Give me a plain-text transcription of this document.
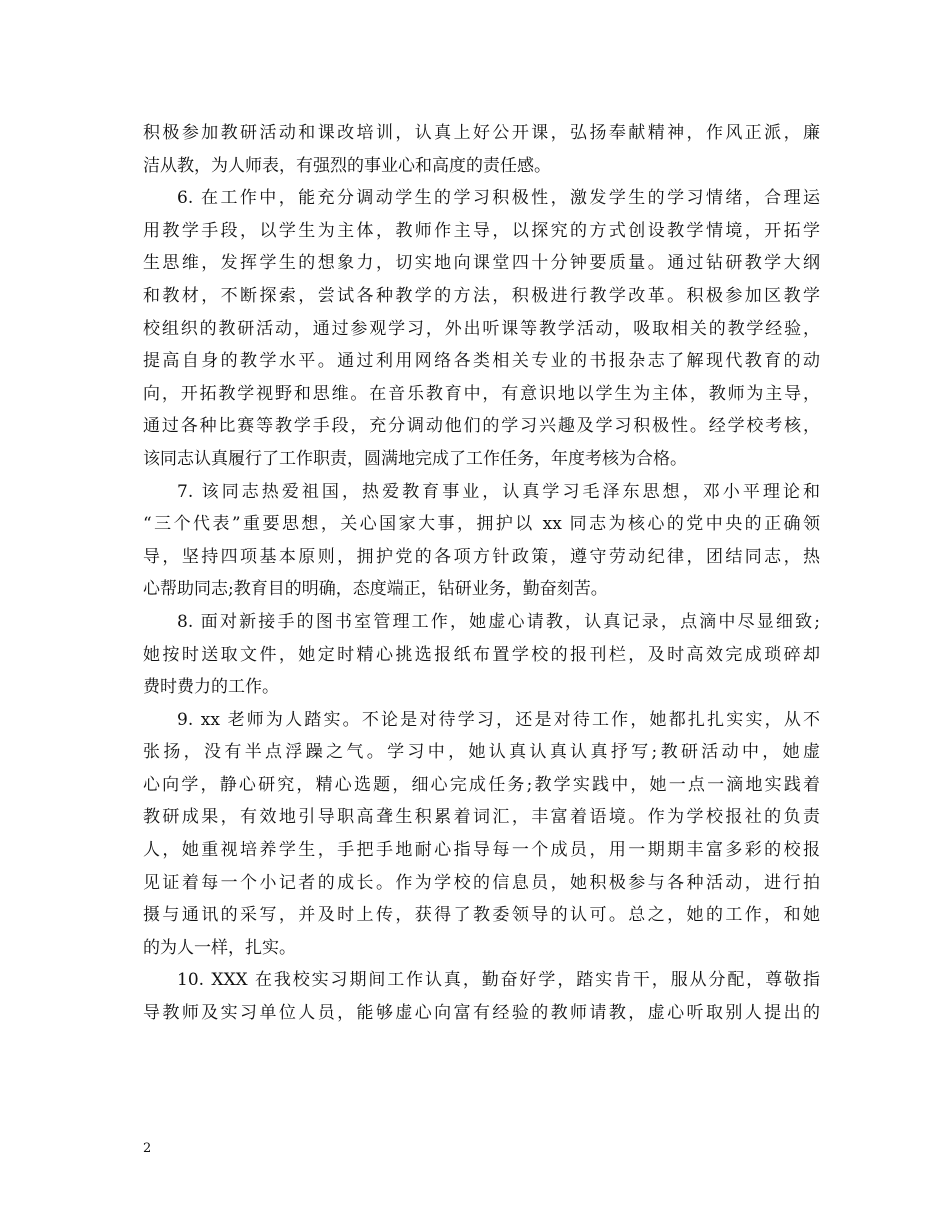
积极参加教研活动和课改培训，认真上好公开课，弘扬奉献精神，作风正派，廉
洁从教，为人师表，有强烈的事业心和高度的责任感。
6. 在工作中，能充分调动学生的学习积极性，激发学生的学习情绪，合理运
用教学手段，以学生为主体，教师作主导，以探究的方式创设教学情境，开拓学
生思维，发挥学生的想象力，切实地向课堂四十分钟要质量。通过钻研教学大纲
和教材，不断探索，尝试各种教学的方法，积极进行教学改革。积极参加区教学
校组织的教研活动，通过参观学习，外出听课等教学活动，吸取相关的教学经验，
提高自身的教学水平。通过利用网络各类相关专业的书报杂志了解现代教育的动
向，开拓教学视野和思维。在音乐教育中，有意识地以学生为主体，教师为主导，
通过各种比赛等教学手段，充分调动他们的学习兴趣及学习积极性。经学校考核，
该同志认真履行了工作职责，圆满地完成了工作任务，年度考核为合格。
7. 该同志热爱祖国，热爱教育事业，认真学习毛泽东思想，邓小平理论和
“三个代表”重要思想，关心国家大事，拥护以 xx 同志为核心的党中央的正确领
导，坚持四项基本原则，拥护党的各项方针政策，遵守劳动纪律，团结同志，热
心帮助同志;教育目的明确，态度端正，钻研业务，勤奋刻苦。
8. 面对新接手的图书室管理工作，她虚心请教，认真记录，点滴中尽显细致;
她按时送取文件，她定时精心挑选报纸布置学校的报刊栏，及时高效完成琐碎却
费时费力的工作。
9. xx 老师为人踏实。不论是对待学习，还是对待工作，她都扎扎实实，从不
张扬，没有半点浮躁之气。学习中，她认真认真认真抒写;教研活动中，她虚
心向学，静心研究，精心选题，细心完成任务;教学实践中，她一点一滴地实践着
教研成果，有效地引导职高聋生积累着词汇，丰富着语境。作为学校报社的负责
人，她重视培养学生，手把手地耐心指导每一个成员，用一期期丰富多彩的校报
见证着每一个小记者的成长。作为学校的信息员，她积极参与各种活动，进行拍
摄与通讯的采写，并及时上传，获得了教委领导的认可。总之，她的工作，和她
的为人一样，扎实。
10. XXX 在我校实习期间工作认真，勤奋好学，踏实肯干，服从分配，尊敬指
导教师及实习单位人员，能够虚心向富有经验的教师请教，虚心听取别人提出的
2
